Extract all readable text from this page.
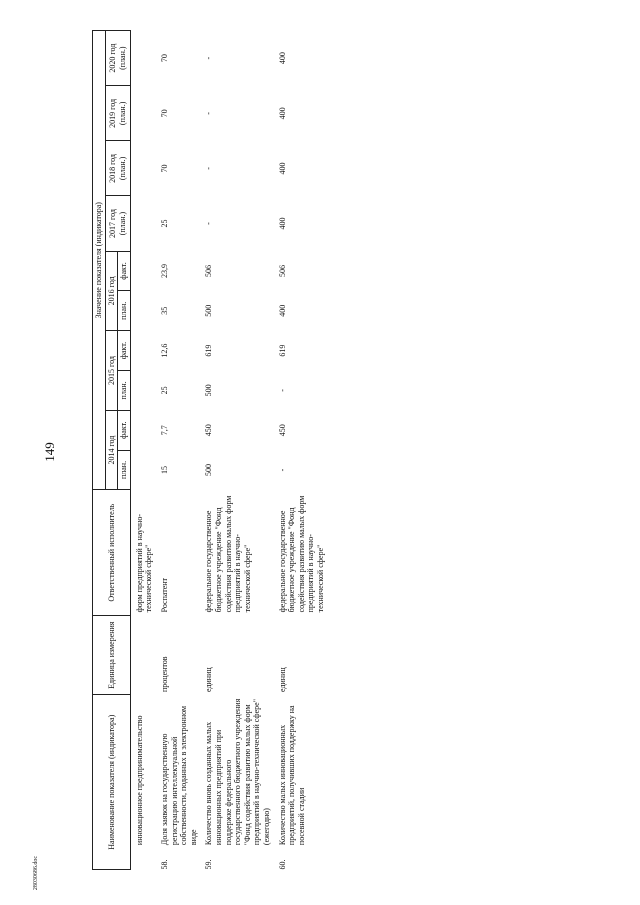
149
Наименование показателя (индикатора)		Единица измерения	Ответственный исполнитель	Значение показателя (индикатора)									
				2014 год		2015 год		2016 год		2017 год (план.)	2018 год (план.)	2019 год (план.)	2020 год (план.)
				план.	факт.	план.	факт.	план.	факт.				
	инновационное предпринимательство		форм предприятий в научно-технической сфере"										
58.	Доля заявок на государственную регистрацию интеллектуальной собственности, поданных в электронном виде	процентов	Роспатент	15	7,7	25	12,6	35	23,9	25	70	70	70
59.	Количество вновь созданных малых инновационных предприятий при поддержке федерального государственного бюджетного учреждения "Фонд содействия развитию малых форм предприятий в научно-технической сфере" (ежегодно)	единиц	федеральное государственное бюджетное учреждение "Фонд содействия развитию малых форм предприятий в научно-технической сфере"	500	450	500	619	500	506	-	-	-	-
60.	Количество малых инновационных предприятий, получивших поддержку на посевной стадии	единиц	федеральное государственное бюджетное учреждение "Фонд содействия развитию малых форм предприятий в научно-технической сфере"	-	450	-	619	400	506	400	400	400	400
28030686.doc
